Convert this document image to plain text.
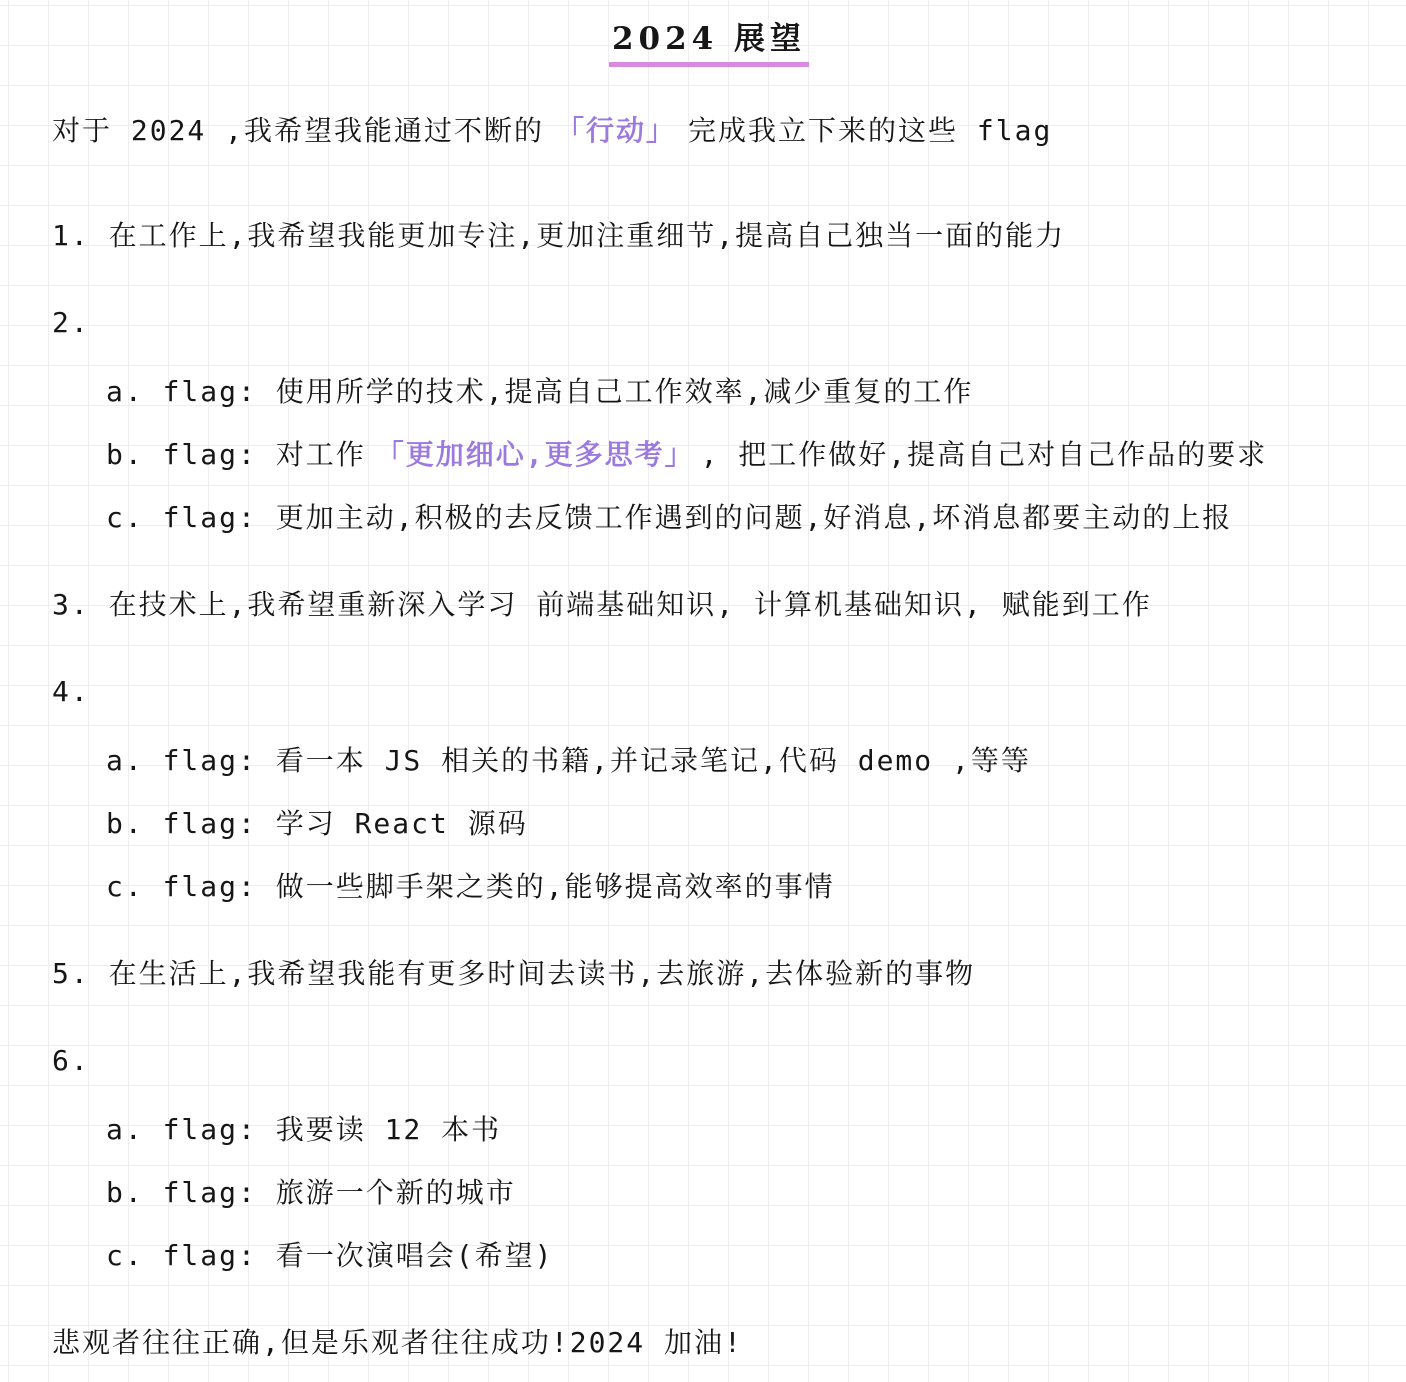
2024 展望

对于 2024 ,我希望我能通过不断的 「行动」 完成我立下来的这些 flag

1. 在工作上,我希望我能更加专注,更加注重细节,提高自己独当一面的能力
2.
a. flag: 使用所学的技术,提高自己工作效率,减少重复的工作
b. flag: 对工作 「更加细心,更多思考」 , 把工作做好,提高自己对自己作品的要求
c. flag: 更加主动,积极的去反馈工作遇到的问题,好消息,坏消息都要主动的上报
3. 在技术上,我希望重新深入学习 前端基础知识, 计算机基础知识, 赋能到工作
4.
a. flag: 看一本 JS 相关的书籍,并记录笔记,代码 demo ,等等
b. flag: 学习 React 源码
c. flag: 做一些脚手架之类的,能够提高效率的事情
5. 在生活上,我希望我能有更多时间去读书,去旅游,去体验新的事物
6.
a. flag: 我要读 12 本书
b. flag: 旅游一个新的城市
c. flag: 看一次演唱会(希望)
悲观者往往正确,但是乐观者往往成功!2024 加油!
